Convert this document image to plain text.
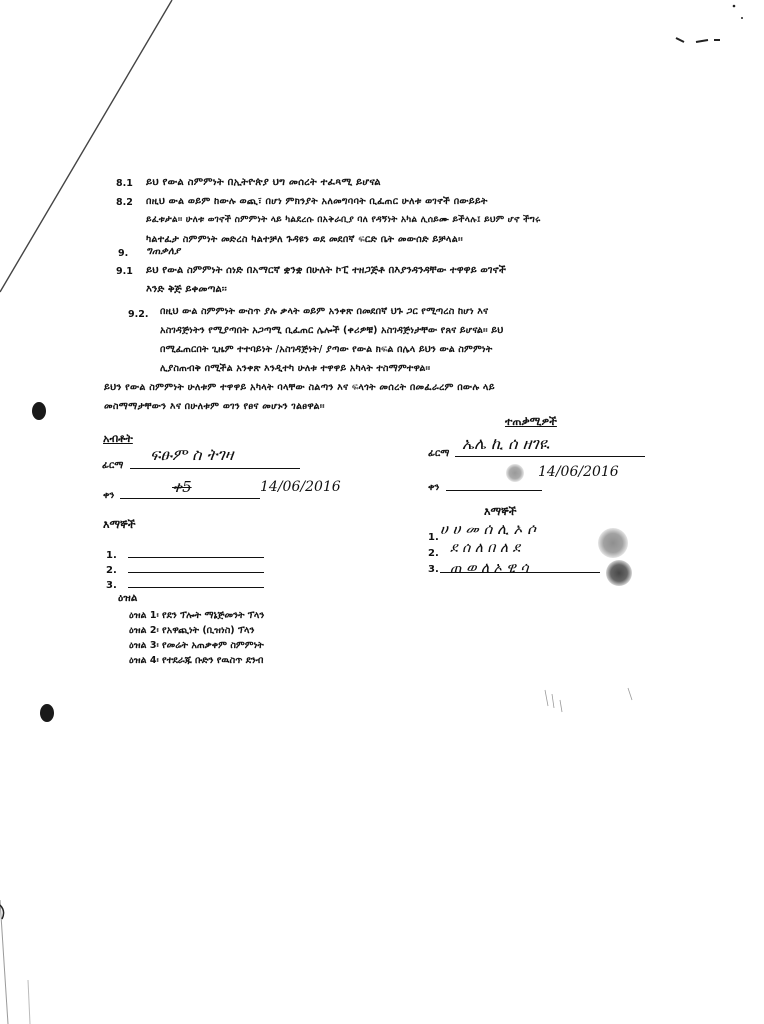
8.1 ይህ የውል ስምምነት በኢትዮጵያ ህግ መሰረት ተፈጻሚ ይሆናል
8.2 በዚህ ውል ወይም ከውሉ ወጪ፣ በሆነ ምክንያት አለመግባባት ቢፈጠር ሁለቱ ወገኖች በውይይት
ይፈቱታል፡፡ ሁለቱ ወገኖች ስምምነት ላይ ካልደረሱ በአቅራቢያ ባለ የዳኝነት አካል ሊሰይሙ ይችላሉ፤ ይህም ሆኖ ችግሩ
ካልተፈታ ስምምነት መድረስ ካልተቻለ ጉዳዩን ወደ መደበኛ ፍርድ ቤት መውሰድ ይቻላል፡፡
9. ግጠቃለያ
9.1 ይህ የውል ስምምነት ሰነድ በአማርኛ ቋንቋ በሁለት ኮፒ ተዘጋጅቶ በእያንዳንዳቸው ተዋዋይ ወገኖች
እንድ ቅጅ ይቀመጣል፡፡
9.2. በዚህ ውል ስምምነት ውስጥ ያሉ ቃላት ወይም አንቀጽ በመደበኛ ህጉ ጋር የሚጣረስ ከሆነ እና
አስገዳጅነትን የሚያጣበት አጋጣሚ ቢፈጠር ሌሎች (ቀሪዎቹ) አስገዳጅነታቸው የጸና ይሆናል፡፡ ይህ
በሚፈጠርበት ጊዜም ተተባይነት /አስገዳጅነት/ ያጣው የውል ክፍል በሌላ ይህን ውል ስምምነት
ሊያስጠብቅ በሚችል አንቀጽ እንዲተካ ሁለቱ ተዋዋይ አካላት ተስማምተዋል፡፡
ይህን የውል ስምምነት ሁለቱም ተዋዋይ አካላት ባላቸው ስልጣን እና ፍላጎት መሰረት በመፈራረም በውሉ ላይ
መስማማታቸውን እና በሁለቱም ወገን የፀና መሆኑን ገልፀዋል፡፡
አብቶት
ፊርማ
ፍፁም ስ ትገዛ
ቀን	ቀ5	14/06/2016
ተጠቃሚዎች
ፊርማ
ኤሌ ኪ ሰ ዘገዪ
ቀን
14/06/2016
እማኞች
1.
2.
3.
እማኞች
1.
2.
3.
ሀ ሀ መ ሰ ሊ ኦ ሶ
ደ ሰ ለ በ ለ ደ
ጠ ወ ለ ኦ ዊ ሳ
ዕዝል
ዕዝል 1፡ የደን ፕሎት ማኔጅመንት ፕላን
ዕዝል 2፡ የአዋጪነት (ቢዝነስ) ፕላን
ዕዝል 3፡ የመሬት አጠቃቀም ስምምነት
ዕዝል 4፡ የተደራጁ ቡድን የዉስጥ ደንብ
